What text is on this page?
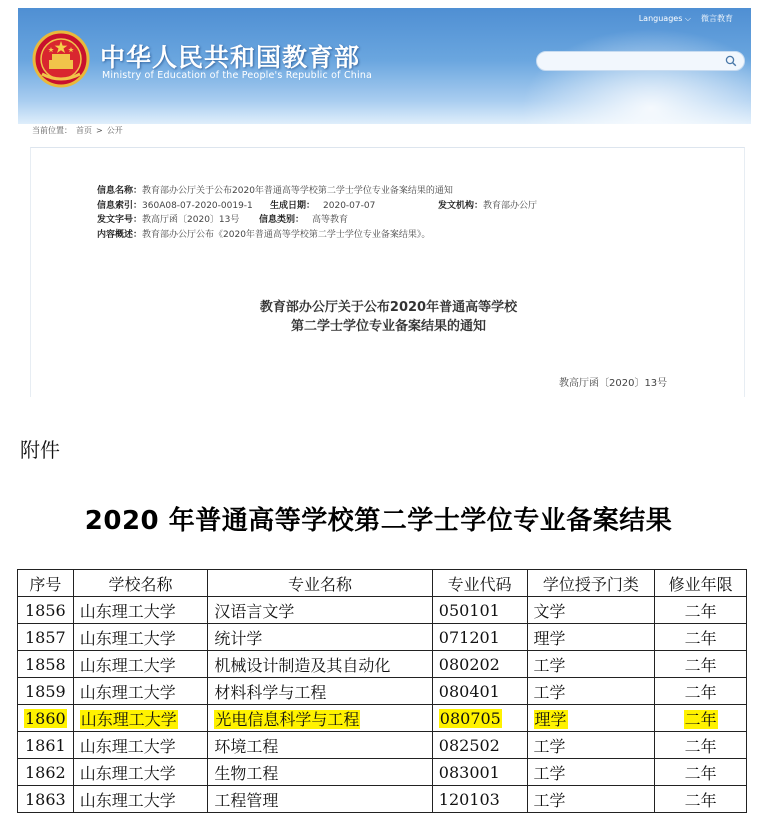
中华人民共和国教育部
Ministry of Education of the People's Republic of China
Languages ⌵ 微言教育
当前位置： 首页 > 公开
信息名称： 教育部办公厅关于公布2020年普通高等学校第二学士学位专业备案结果的通知
信息索引： 360A08-07-2020-0019-1	生成日期： 2020-07-07	发文机构： 教育部办公厅
发文字号： 教高厅函〔2020〕13号	信息类别： 高等教育
内容概述： 教育部办公厅公布《2020年普通高等学校第二学士学位专业备案结果》。
教育部办公厅关于公布2020年普通高等学校
第二学士学位专业备案结果的通知
教高厅函〔2020〕13号
附件
2020 年普通高等学校第二学士学位专业备案结果
序号	学校名称	专业名称	专业代码	学位授予门类	修业年限
1856	山东理工大学	汉语言文学	050101	文学	二年
1857	山东理工大学	统计学	071201	理学	二年
1858	山东理工大学	机械设计制造及其自动化	080202	工学	二年
1859	山东理工大学	材料科学与工程	080401	工学	二年
1860	山东理工大学	光电信息科学与工程	080705	理学	二年
1861	山东理工大学	环境工程	082502	工学	二年
1862	山东理工大学	生物工程	083001	工学	二年
1863	山东理工大学	工程管理	120103	工学	二年
